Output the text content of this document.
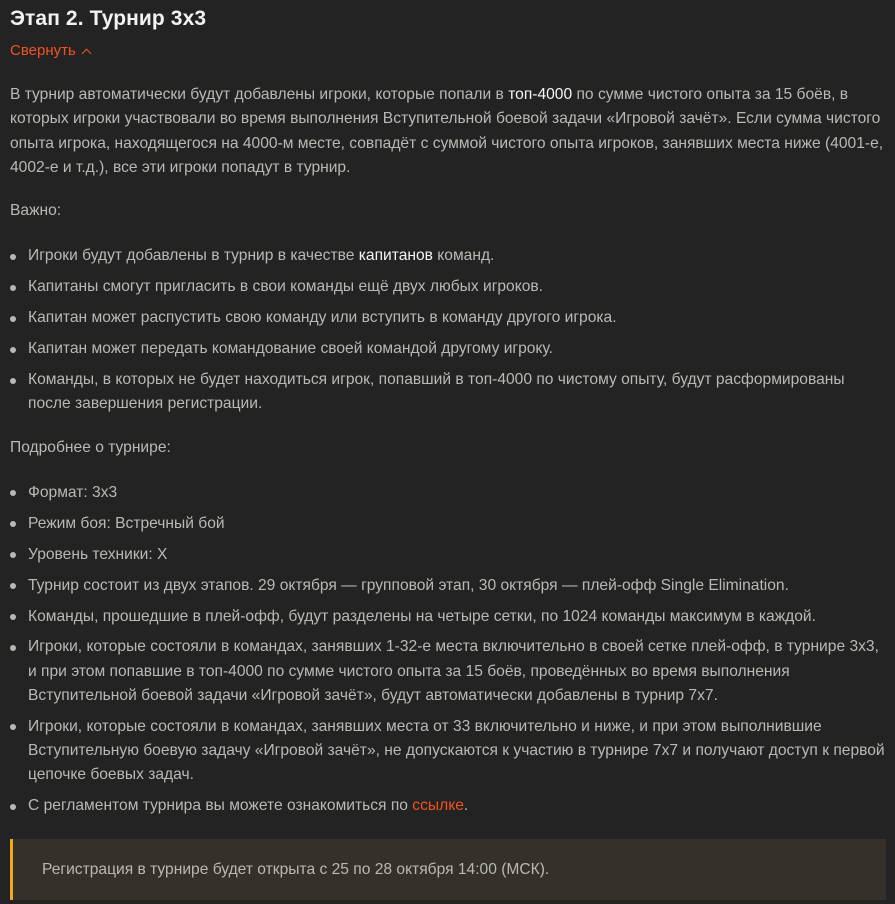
Этап 2. Турнир 3х3
Свернуть

В турнир автоматически будут добавлены игроки, которые попали в топ-4000 по сумме чистого опыта за 15 боёв, в которых игроки участвовали во время выполнения Вступительной боевой задачи «Игровой зачёт». Если сумма чистого опыта игрока, находящегося на 4000-м месте, совпадёт с суммой чистого опыта игроков, занявших места ниже (4001-е, 4002-е и т.д.), все эти игроки попадут в турнир.

Важно:

Игроки будут добавлены в турнир в качестве капитанов команд.
Капитаны смогут пригласить в свои команды ещё двух любых игроков.
Капитан может распустить свою команду или вступить в команду другого игрока.
Капитан может передать командование своей командой другому игроку.
Команды, в которых не будет находиться игрок, попавший в топ-4000 по чистому опыту, будут расформированы после завершения регистрации.

Подробнее о турнире:

Формат: 3х3
Режим боя: Встречный бой
Уровень техники: X
Турнир состоит из двух этапов. 29 октября — групповой этап, 30 октября — плей-офф Single Elimination.
Команды, прошедшие в плей-офф, будут разделены на четыре сетки, по 1024 команды максимум в каждой.
Игроки, которые состояли в командах, занявших 1-32-е места включительно в своей сетке плей-офф, в турнире 3х3, и при этом попавшие в топ-4000 по сумме чистого опыта за 15 боёв, проведённых во время выполнения Вступительной боевой задачи «Игровой зачёт», будут автоматически добавлены в турнир 7х7.
Игроки, которые состояли в командах, занявших места от 33 включительно и ниже, и при этом выполнившие Вступительную боевую задачу «Игровой зачёт», не допускаются к участию в турнире 7х7 и получают доступ к первой цепочке боевых задач.
С регламентом турнира вы можете ознакомиться по ссылке.
Регистрация в турнире будет открыта с 25 по 28 октября 14:00 (МСК).
